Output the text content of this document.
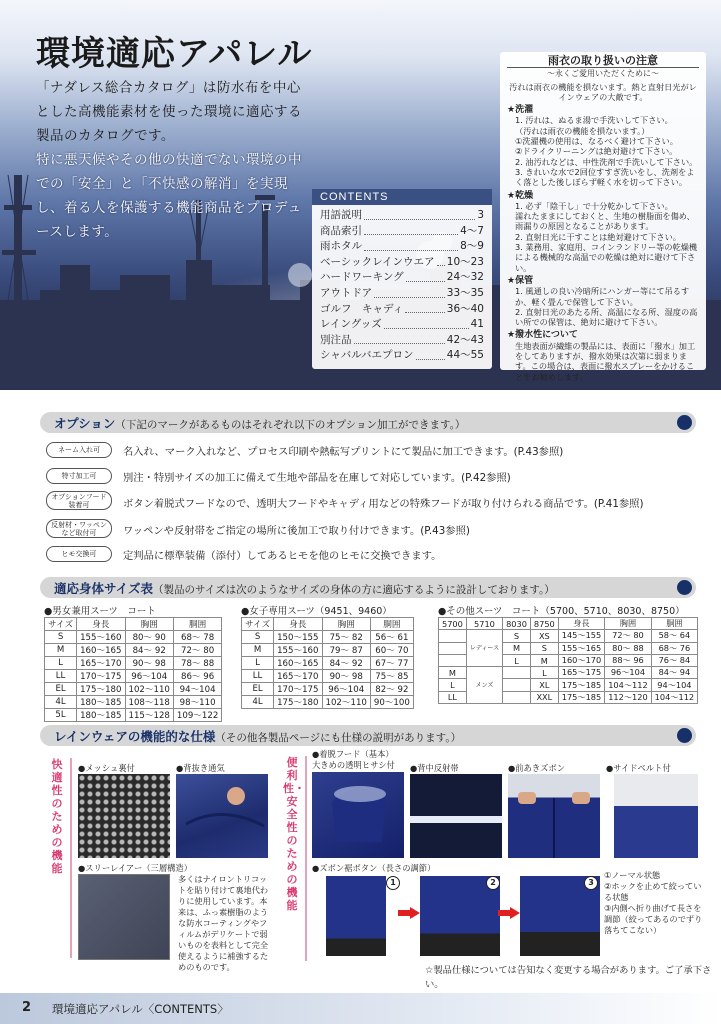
環境適応アパレル

「ナダレス総合カタログ」は防水布を中心とした高機能素材を使った環境に適応する製品のカタログです。

特に悪天候やその他の快適でない環境の中での「安全」と「不快感の解消」を実現し、着る人を保護する機能商品をプロデュースします。

CONTENTS
用語説明	3
商品索引	4〜7
雨ホタル	8〜9
ベーシックレインウエア 10〜23
ハードワーキング	24〜32
アウトドア	33〜35
ゴルフ　キャディ	36〜40
レイングッズ	41
別注品	42〜43
シャバルバエプロン	44〜55
雨衣の取り扱いの注意
〜永くご愛用いただくために〜
汚れは雨衣の機能を損ないます。熱と直射日光がレインウェアの大敵です。
★洗濯
1. 汚れは、ぬるま湯で手洗いして下さい。
（汚れは雨衣の機能を損ないます。）
①洗濯機の使用は、なるべく避けて下さい。
②ドライクリーニングは絶対避けて下さい。
2. 油汚れなどは、中性洗剤で手洗いして下さい。
3. きれいな水で2回位すすぎ洗いをし、洗剤をよく落とした後しぼらず軽く水を切って下さい。
★乾燥
1. 必ず「陰干し」で十分乾かして下さい。
濡れたままにしておくと、生地の樹脂面を傷め、雨漏りの原因となることがあります。
2. 直射日光に干すことは絶対避けて下さい。
3. 業務用、家庭用、コインランドリー等の乾燥機による機械的な高温での乾燥は絶対に避けて下さい。
★保管
1. 風通しの良い冷暗所にハンガー等にて吊るすか、軽く畳んで保管して下さい。
2. 直射日光のあたる所、高温になる所、湿度の高い所での保管は、絶対に避けて下さい。
★撥水性について
生地表面が繊維の製品には、表面に「撥水」加工をしてありますが、撥水効果は次第に弱まります。この場合は、表面に撥水スプレーをかけることをお勧めします。
オプション（下記のマークがあるものはそれぞれ以下のオプション加工ができます。）
ネーム入れ可	名入れ、マーク入れなど、プロセス印刷や熱転写プリントにて製品に加工できます。(P.43参照)
特寸加工可	別注・特別サイズの加工に備えて生地や部品を在庫して対応しています。(P.42参照)
オプションフード
装着可	ボタン着脱式フードなので、透明大フードやキャディ用などの特殊フードが取り付けられる商品です。(P.41参照)
反射材・ワッペン
など取付可	ワッペンや反射帯をご指定の場所に後加工で取り付けできます。(P.43参照)
ヒモ交換可	定判品に標準装備（添付）してあるヒモを他のヒモに交換できます。
適応身体サイズ表（製品のサイズは次のようなサイズの身体の方に適応するように設計しております。）
●男女兼用スーツ　コート
サイズ	身長	胸囲	胴囲
S	155〜160	80〜 90	68〜 78
M	160〜165	84〜 92	72〜 80
L	165〜170	90〜 98	78〜 88
LL	170〜175	96〜104	86〜 96
EL	175〜180	102〜110	94〜104
4L	180〜185	108〜118	98〜110
5L	180〜185	115〜128	109〜122
●女子専用スーツ（9451、9460）
サイズ	身長	胸囲	胴囲
S	150〜155	75〜 82	56〜 61
M	155〜160	79〜 87	60〜 70
L	160〜165	84〜 92	67〜 77
LL	165〜170	90〜 98	75〜 85
EL	170〜175	96〜104	82〜 92
4L	175〜180	102〜110	90〜100
●その他スーツ　コート（5700、5710、8030、8750）
5700	5710	8030	8750	身長	胸囲	胴囲
	レディース	S	XS	145〜155	72〜 80	58〜 64
		M	S	155〜165	80〜 88	68〜 76
		L	M	160〜170	88〜 96	76〜 84
M	メンズ		L	165〜175	96〜104	84〜 94
L			XL	175〜185	104〜112	94〜104
LL			XXL	175〜185	112〜120	104〜112
レインウェアの機能的な仕様（その他各製品ページにも仕様の説明があります。）
快適性のための機能
●メッシュ裏付	●背抜き通気
●スリーレイアー（三層構造）
多くはナイロントリコットを貼り付けて裏地代わりに使用しています。本来は、ふっ素樹脂のような防水コーティングやフィルムがデリケートで弱いものを表料として完全使えるように補強するためのものです。
便利性・安全性のための機能
●着脱フード（基本）
大きめの透明ヒサシ付 ●背中反射帯	●前あきズボン	●サイドベルト付
●ズボン裾ボタン（長さの調節）
1	2	3
①ノーマル状態
②ホックを止めて絞っている状態
③内側へ折り曲げて長さを調節（絞ってあるのでずり落ちてこない）
☆製品仕様については告知なく変更する場合があります。ご了承下さい。
2 環境適応アパレル〈CONTENTS〉
